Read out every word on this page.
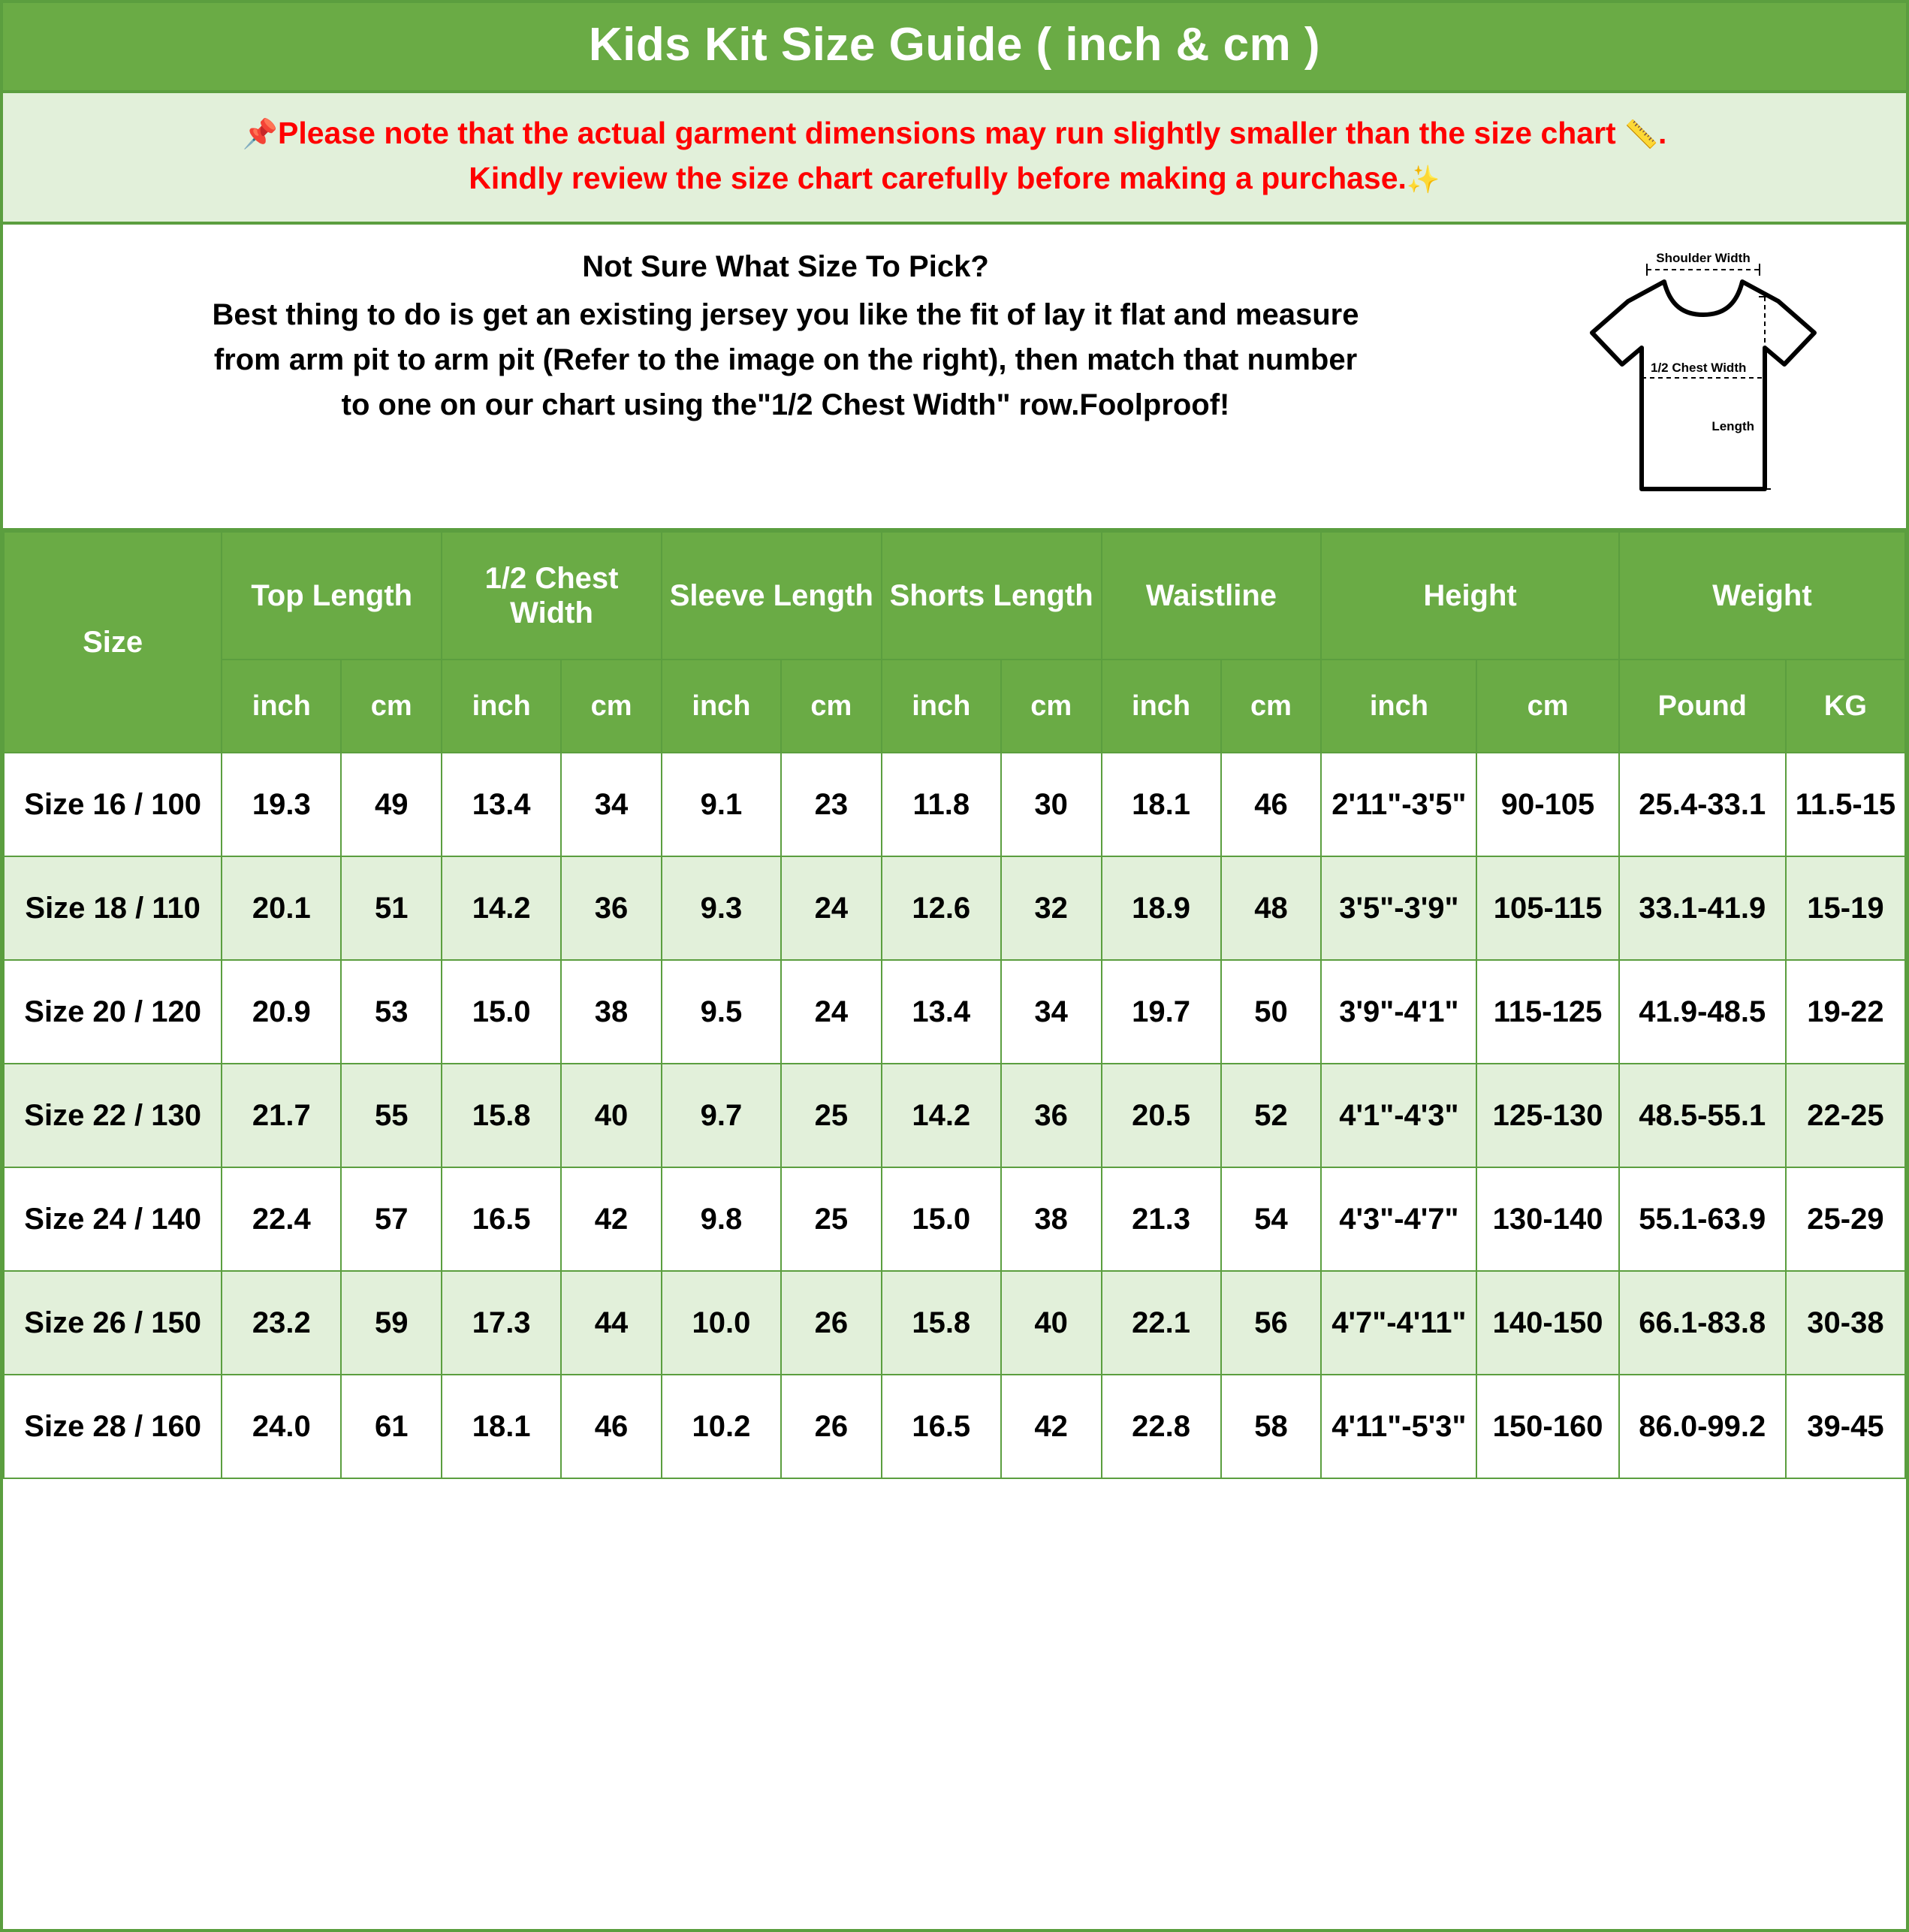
Kids Kit Size Guide ( inch & cm )
📌Please note that the actual garment dimensions may run slightly smaller than the size chart 📏.
Kindly review the size chart carefully before making a purchase.✨
Not Sure What Size To Pick?
Best thing to do is get an existing jersey you like the fit of lay it flat and measure
from arm pit to arm pit (Refer to the image on the right), then match that number
to one on our chart using the"1/2 Chest Width" row.Foolproof!
Shoulder Width
1/2 Chest Width
Length
Size	Top Length		1/2 Chest Width		Sleeve Length		Shorts Length		Waistline		Height		Weight	
	inch	cm	inch	cm	inch	cm	inch	cm	inch	cm	inch	cm	Pound	KG
Size 16 / 100	19.3	49	13.4	34	9.1	23	11.8	30	18.1	46	2'11"-3'5"	90-105	25.4-33.1	11.5-15
Size 18 / 110	20.1	51	14.2	36	9.3	24	12.6	32	18.9	48	3'5"-3'9"	105-115	33.1-41.9	15-19
Size 20 / 120	20.9	53	15.0	38	9.5	24	13.4	34	19.7	50	3'9"-4'1"	115-125	41.9-48.5	19-22
Size 22 / 130	21.7	55	15.8	40	9.7	25	14.2	36	20.5	52	4'1"-4'3"	125-130	48.5-55.1	22-25
Size 24 / 140	22.4	57	16.5	42	9.8	25	15.0	38	21.3	54	4'3"-4'7"	130-140	55.1-63.9	25-29
Size 26 / 150	23.2	59	17.3	44	10.0	26	15.8	40	22.1	56	4'7"-4'11"	140-150	66.1-83.8	30-38
Size 28 / 160	24.0	61	18.1	46	10.2	26	16.5	42	22.8	58	4'11"-5'3"	150-160	86.0-99.2	39-45
